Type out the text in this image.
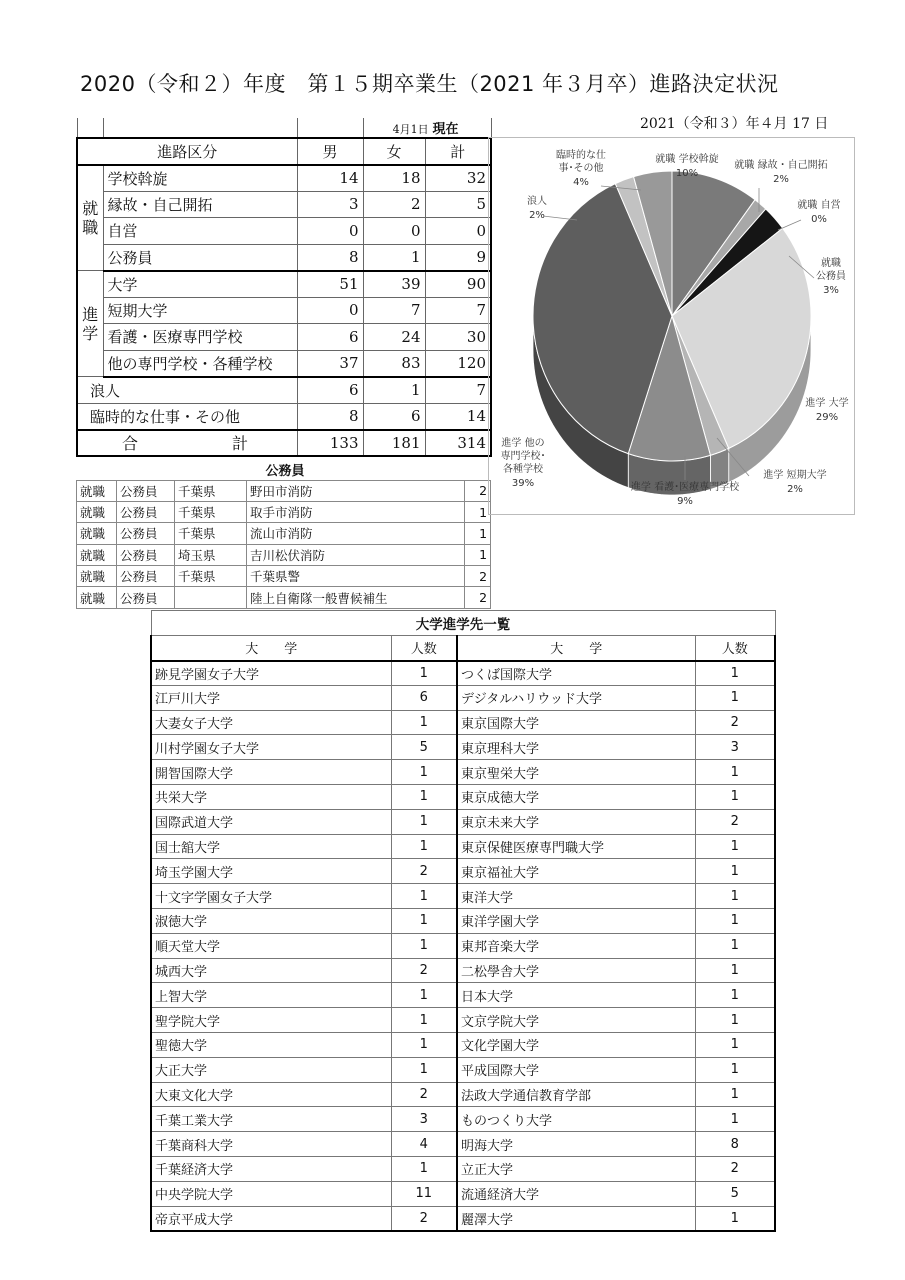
2020（令和２）年度　第１５期卒業生（2021 年３月卒）進路決定状況
2021（令和３）年４月 17 日
			4月1日 現在	
進路区分		男	女	計
就職	学校斡旋	14	18	32
	縁故・自己開拓	3	2	5
	自営	0	0	0
	公務員	8	1	9
進学	大学	51	39	90
	短期大学	0	7	7
	看護・医療専門学校	6	24	30
	他の専門学校・各種学校	37	83	120
浪人		6	1	7
臨時的な仕事・その他		8	6	14
合 計		133	181	314
公務員				
就職	公務員	千葉県	野田市消防	2
就職	公務員	千葉県	取手市消防	1
就職	公務員	千葉県	流山市消防	1
就職	公務員	埼玉県	吉川松伏消防	1
就職	公務員	千葉県	千葉県警	2
就職	公務員		陸上自衛隊一般曹候補生	2
就職 学校斡旋
10%
就職 縁故・自己開拓
2%
就職 自営
0%
就職
公務員
3%
進学 大学
29%
進学 短期大学
2%
進学 看護･医療専門学校
9%
進学 他の
専門学校･
各種学校
39%
浪人
2%
臨時的な仕
事･その他
4%
大学進学先一覧			
大　　学	人数	大　　学	人数
跡見学園女子大学	1	つくば国際大学	1
江戸川大学	6	デジタルハリウッド大学	1
大妻女子大学	1	東京国際大学	2
川村学園女子大学	5	東京理科大学	3
開智国際大学	1	東京聖栄大学	1
共栄大学	1	東京成徳大学	1
国際武道大学	1	東京未来大学	2
国士舘大学	1	東京保健医療専門職大学	1
埼玉学園大学	2	東京福祉大学	1
十文字学園女子大学	1	東洋大学	1
淑徳大学	1	東洋学園大学	1
順天堂大学	1	東邦音楽大学	1
城西大学	2	二松學舎大学	1
上智大学	1	日本大学	1
聖学院大学	1	文京学院大学	1
聖徳大学	1	文化学園大学	1
大正大学	1	平成国際大学	1
大東文化大学	2	法政大学通信教育学部	1
千葉工業大学	3	ものつくり大学	1
千葉商科大学	4	明海大学	8
千葉経済大学	1	立正大学	2
中央学院大学	11	流通経済大学	5
帝京平成大学	2	麗澤大学	1
